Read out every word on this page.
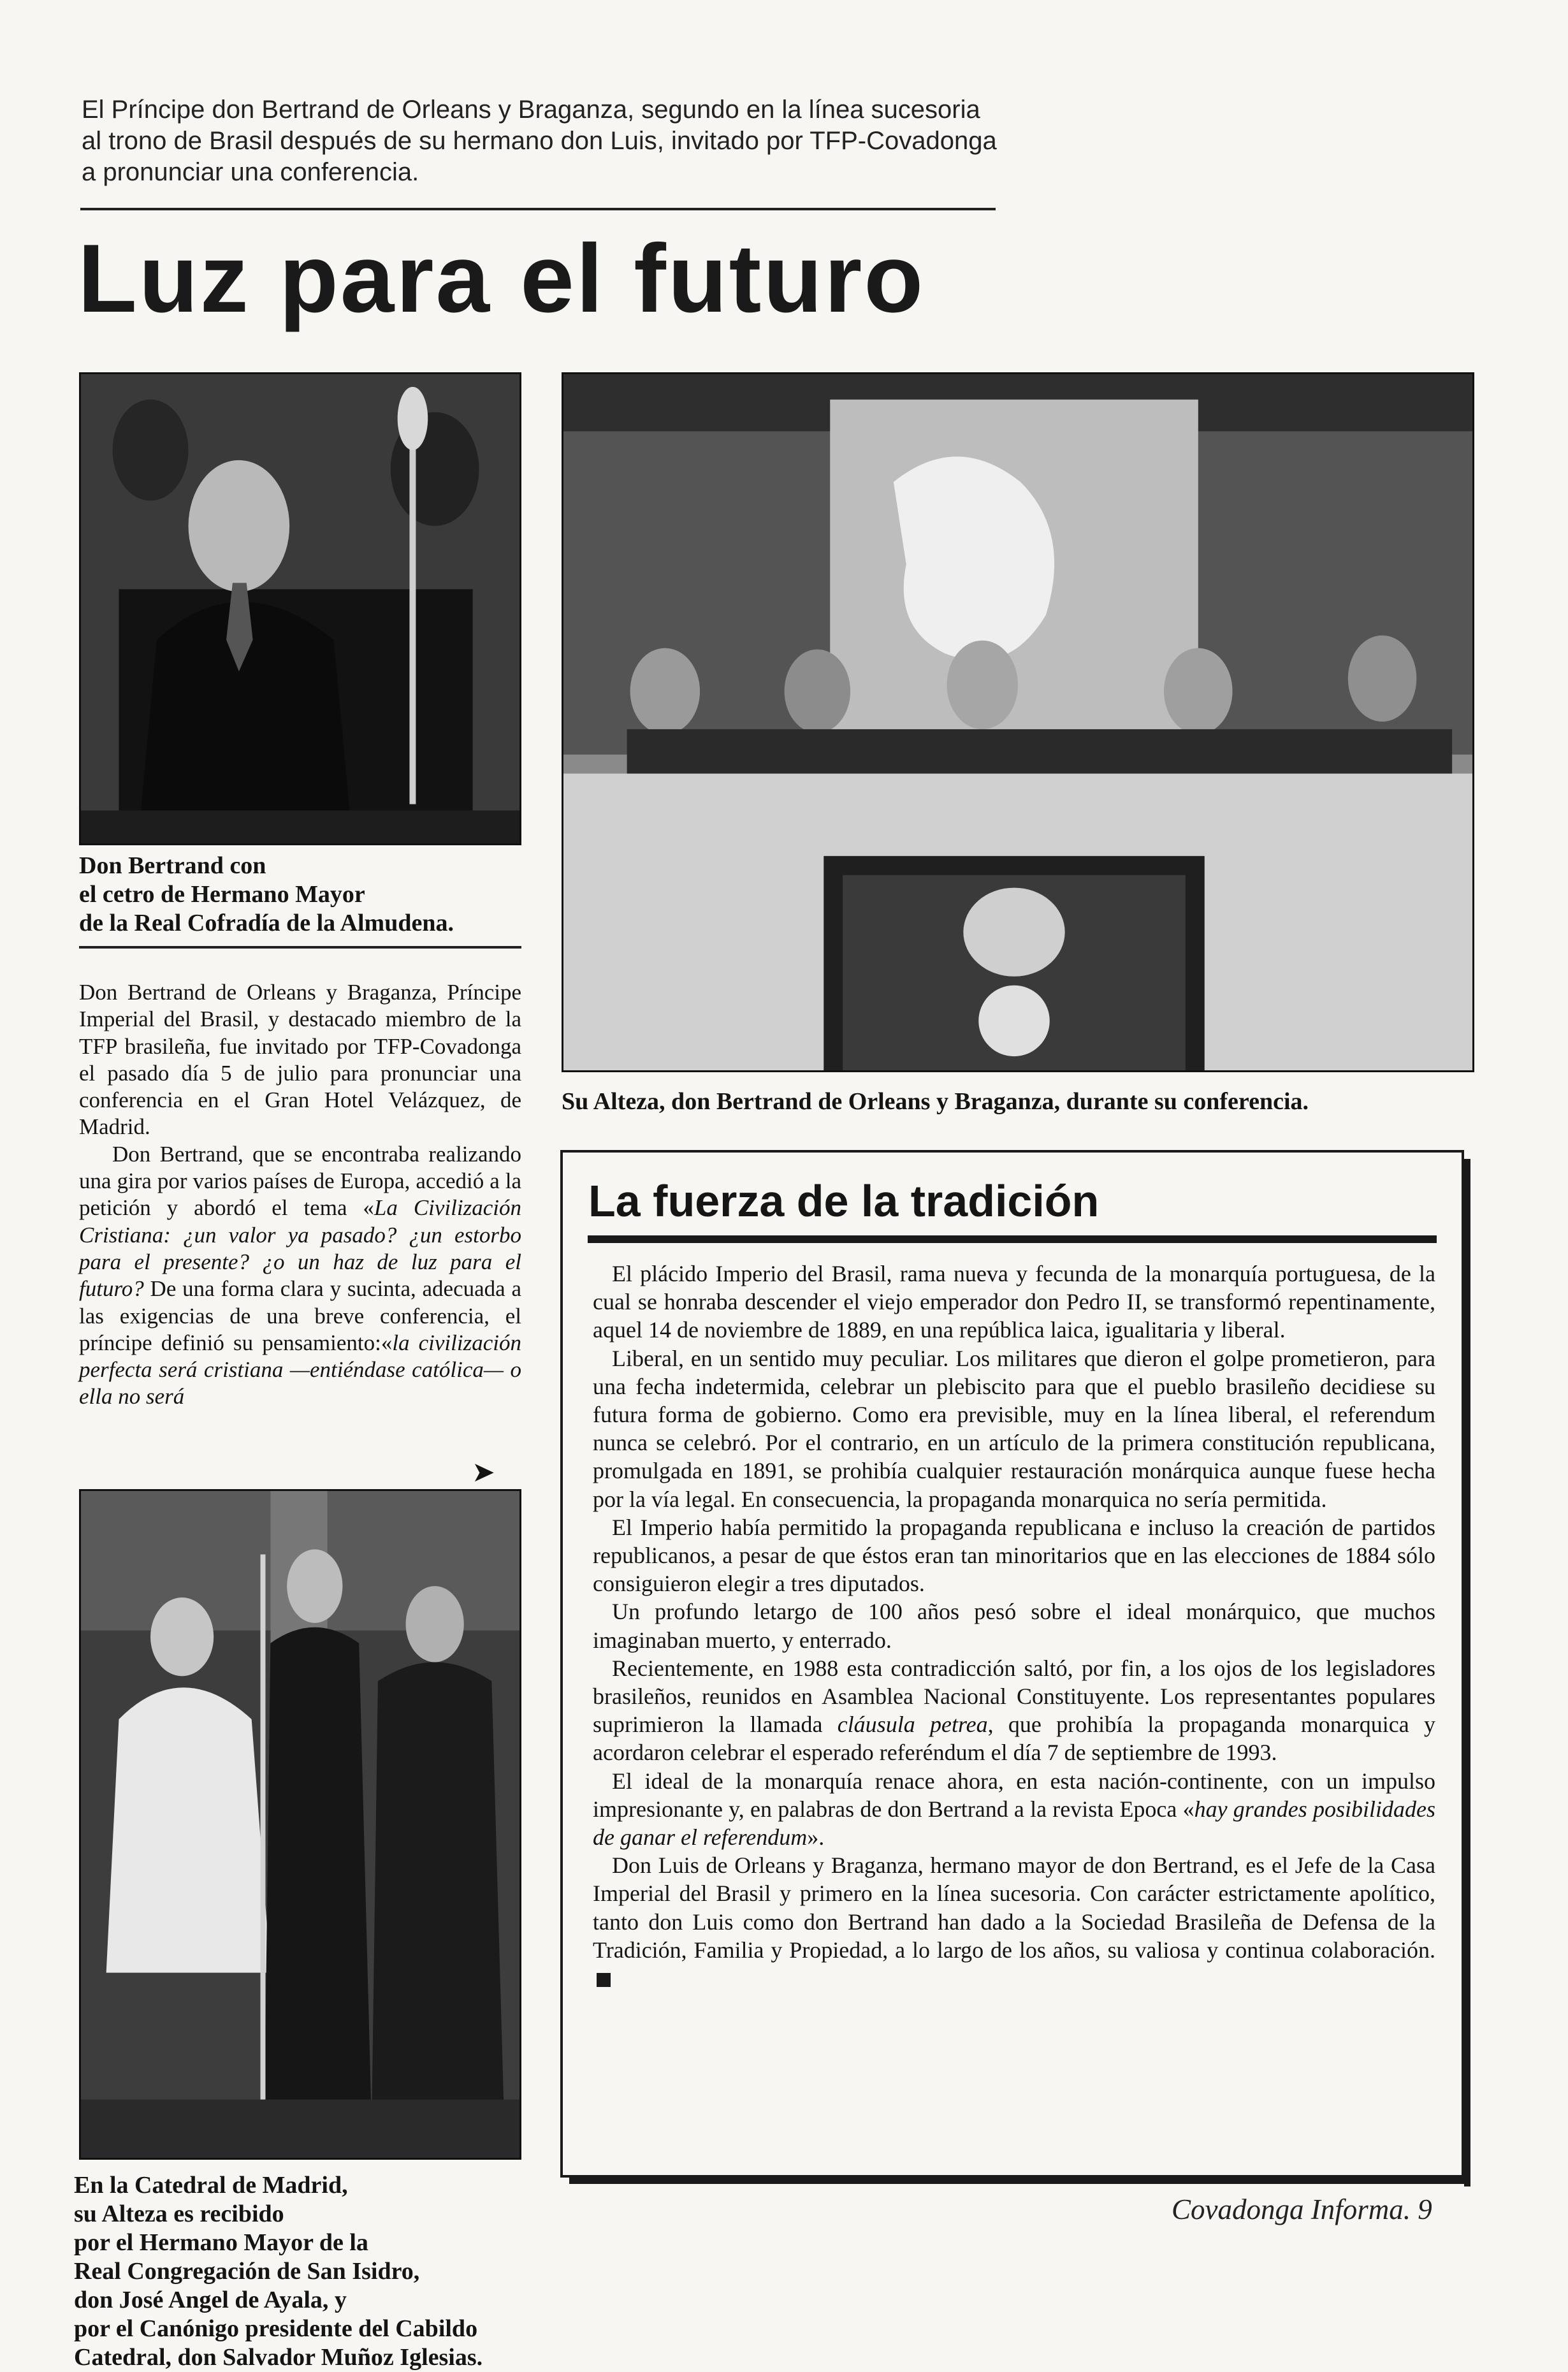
El Príncipe don Bertrand de Orleans y Braganza, segundo en la línea sucesoria al trono de Brasil después de su hermano don Luis, invitado por TFP-Covadonga a pronunciar una conferencia.
Luz para el futuro
Don Bertrand con
el cetro de Hermano Mayor
de la Real Cofradía de la Almudena.
Su Alteza, don Bertrand de Orleans y Braganza, durante su conferencia.

Don Bertrand de Orleans y Braganza, Príncipe Imperial del Brasil, y destacado miembro de la TFP brasileña, fue invitado por TFP-Covadonga el pasado día 5 de julio para pronunciar una conferencia en el Gran Hotel Velázquez, de Madrid.

Don Bertrand, que se encontraba realizando una gira por varios países de Europa, accedió a la petición y abordó el tema «La Civilización Cristiana: ¿un valor ya pasado? ¿un estorbo para el presente? ¿o un haz de luz para el futuro? De una forma clara y sucinta, adecuada a las exigencias de una breve conferencia, el príncipe definió su pensamiento:«la civilización perfecta será cristiana —entiéndase católica— o ella no será

➤
En la Catedral de Madrid,
su Alteza es recibido
por el Hermano Mayor de la
Real Congregación de San Isidro,
don José Angel de Ayala, y
por el Canónigo presidente del Cabildo
Catedral, don Salvador Muñoz Iglesias.
La fuerza de la tradición

El plácido Imperio del Brasil, rama nueva y fecunda de la monarquía portuguesa, de la cual se honraba descender el viejo emperador don Pedro II, se transformó repentinamente, aquel 14 de noviembre de 1889, en una república laica, igualitaria y liberal.

Liberal, en un sentido muy peculiar. Los militares que dieron el golpe prometieron, para una fecha indetermida, celebrar un plebiscito para que el pueblo brasileño decidiese su futura forma de gobierno. Como era previsible, muy en la línea liberal, el referendum nunca se celebró. Por el contrario, en un artículo de la primera constitución republicana, promulgada en 1891, se prohibía cualquier restauración monárquica aunque fuese hecha por la vía legal. En consecuencia, la propaganda monarquica no sería permitida.

El Imperio había permitido la propaganda republicana e incluso la creación de partidos republicanos, a pesar de que éstos eran tan minoritarios que en las elecciones de 1884 sólo consiguieron elegir a tres diputados.

Un profundo letargo de 100 años pesó sobre el ideal monárquico, que muchos imaginaban muerto, y enterrado.

Recientemente, en 1988 esta contradicción saltó, por fin, a los ojos de los legisladores brasileños, reunidos en Asamblea Nacional Constituyente. Los representantes populares suprimieron la llamada cláusula petrea, que prohibía la propaganda monarquica y acordaron celebrar el esperado referéndum el día 7 de septiembre de 1993.

El ideal de la monarquía renace ahora, en esta nación-continente, con un impulso impresionante y, en palabras de don Bertrand a la revista Epoca «hay grandes posibilidades de ganar el referendum».

Don Luis de Orleans y Braganza, hermano mayor de don Bertrand, es el Jefe de la Casa Imperial del Brasil y primero en la línea sucesoria. Con carácter estrictamente apolítico, tanto don Luis como don Bertrand han dado a la Sociedad Brasileña de Defensa de la Tradición, Familia y Propiedad, a lo largo de los años, su valiosa y continua colaboración.

Covadonga Informa. 9
